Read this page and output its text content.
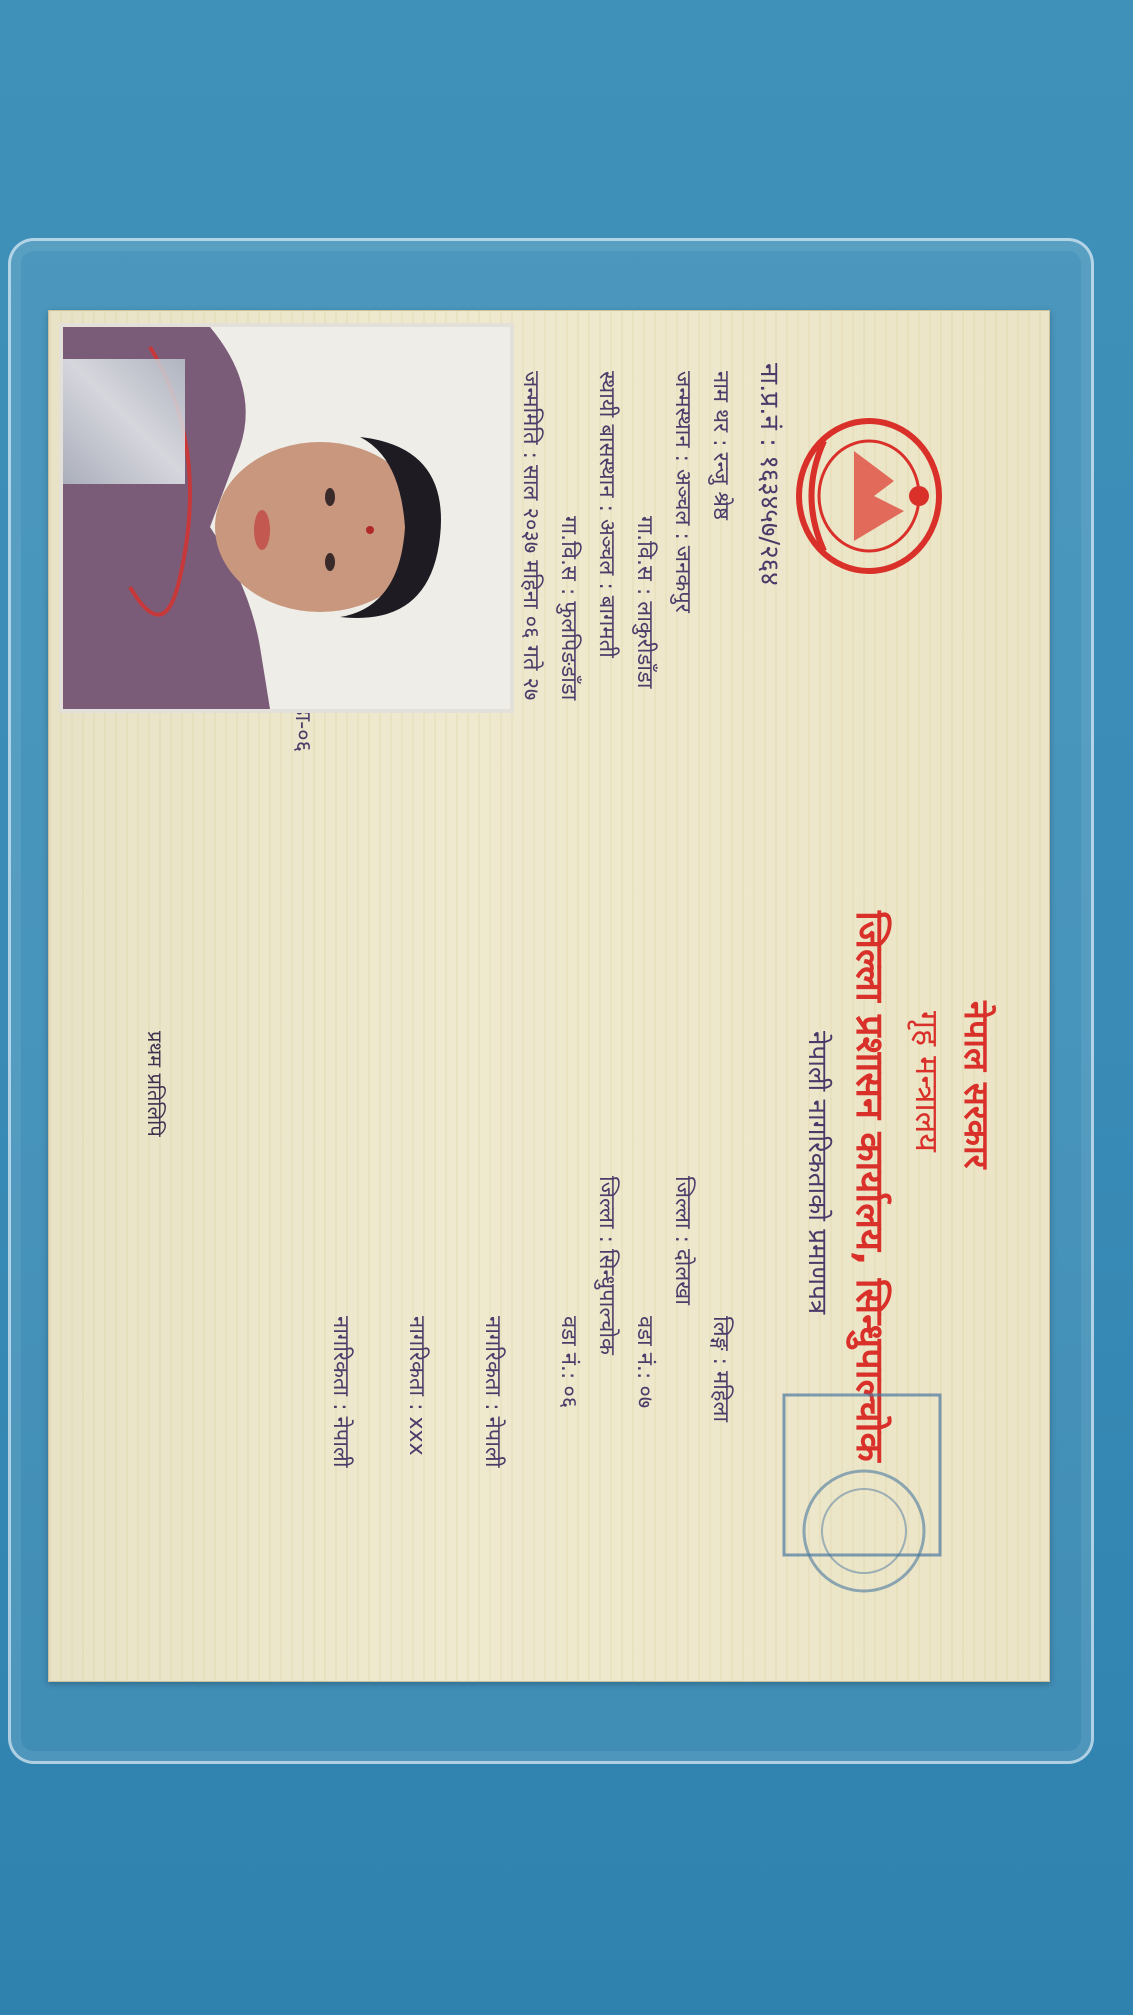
प्रथम प्रतिलिपि	नेपाल सरकार
गृह मन्त्रालय
जिल्ला प्रशासन कार्यालय, सिन्धुपाल्चोक
नेपाली नागरिकताको प्रमाणपत्र
ना.प्र.नं : १६३४५७/२६४
नाम थर :रन्जु श्रेष्ठ
लिङ्ग :महिला
जन्मस्थान : अञ्चल :जनकपुर
जिल्ला :दोलखा
गा.वि.स :लाकुरीडाँडा
वडा नं.:०७
स्थायी बासस्थान : अञ्चल :बागमती
जिल्ला :सिन्धुपाल्चोक
गा.वि.स :फुलपिङडाँडा
वडा नं.:०६
जन्ममिति :साल २०३७ महिना ०६ गते २७
नागरिकता :नेपाली
नागरिकता :xxx
नागरिकता :नेपाली
